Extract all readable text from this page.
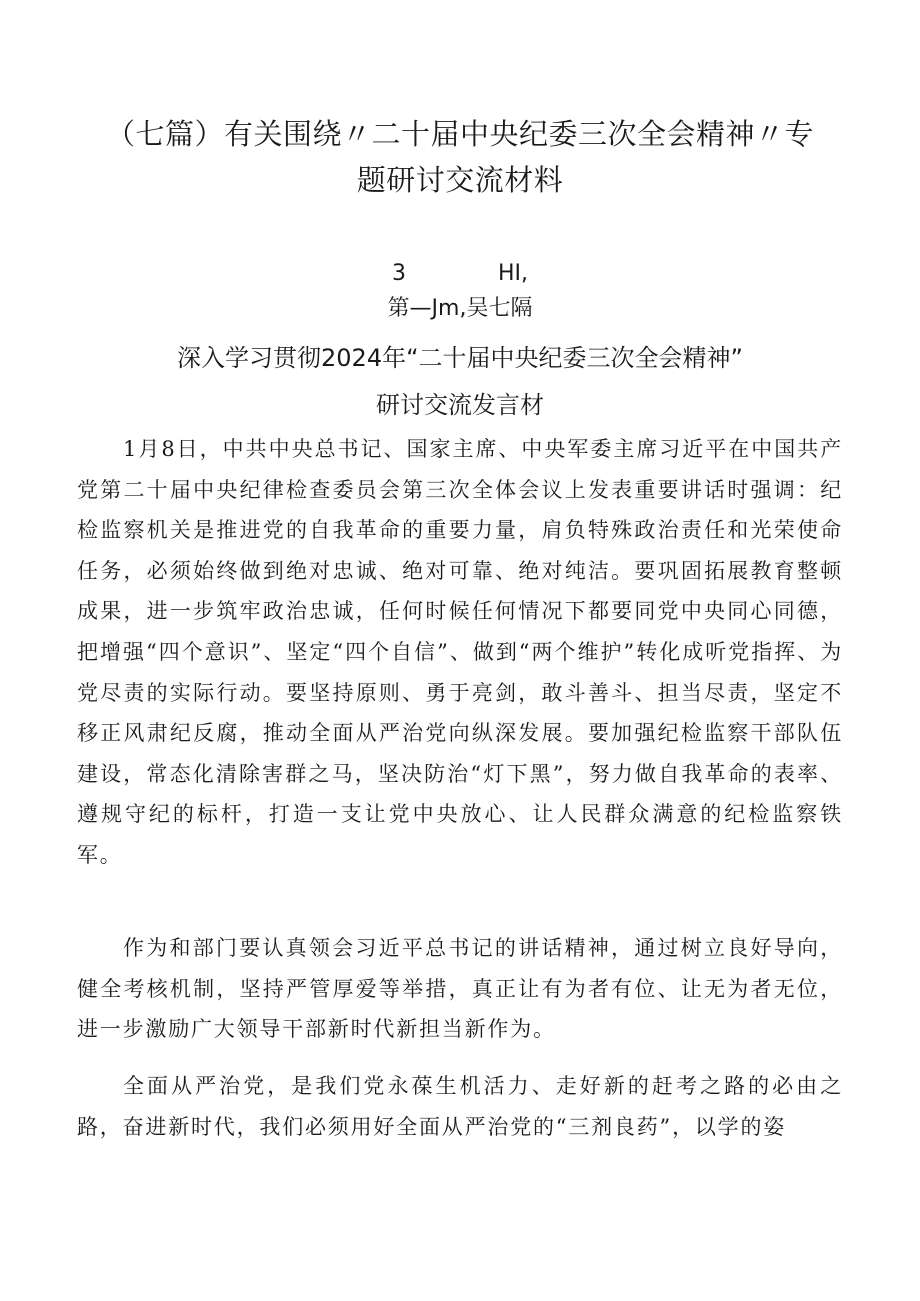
（七篇）有关围绕〃二十届中央纪委三次全会精神〃专
题研讨交流材料
3	HI,
第—Jm,吴七隔
深入学习贯彻2024年“二十届中央纪委三次全会精神”
研讨交流发言材

1月8日，中共中央总书记、国家主席、中央军委主席习近平在中国共产党第二十届中央纪律检查委员会第三次全体会议上发表重要讲话时强调：纪检监察机关是推进党的自我革命的重要力量，肩负特殊政治责任和光荣使命任务，必须始终做到绝对忠诚、绝对可靠、绝对纯洁。要巩固拓展教育整顿成果，进一步筑牢政治忠诚，任何时候任何情况下都要同党中央同心同德，把增强“四个意识”、坚定“四个自信”、做到“两个维护”转化成听党指挥、为党尽责的实际行动。要坚持原则、勇于亮剑，敢斗善斗、担当尽责，坚定不移正风肃纪反腐，推动全面从严治党向纵深发展。要加强纪检监察干部队伍建设，常态化清除害群之马，坚决防治“灯下黑”，努力做自我革命的表率、遵规守纪的标杆，打造一支让党中央放心、让人民群众满意的纪检监察铁军。

作为和部门要认真领会习近平总书记的讲话精神，通过树立良好导向，健全考核机制，坚持严管厚爱等举措，真正让有为者有位、让无为者无位，进一步激励广大领导干部新时代新担当新作为。

全面从严治党，是我们党永葆生机活力、走好新的赶考之路的必由之路，奋进新时代，我们必须用好全面从严治党的“三剂良药”，以学的姿
